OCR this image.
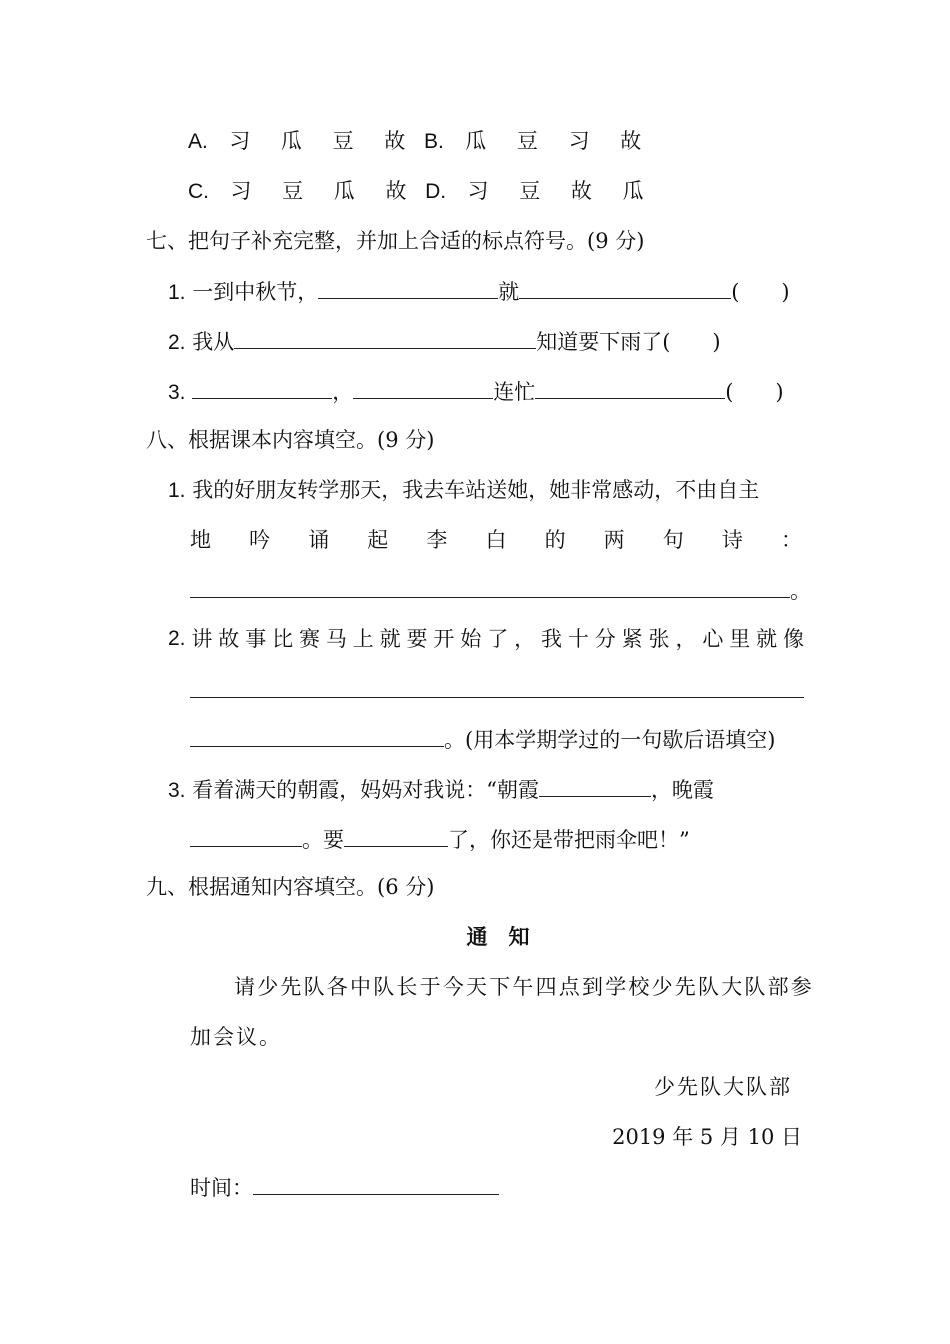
A. 习 瓜 豆 故 B. 瓜 豆 习 故
C. 习 豆 瓜 故 D. 习 豆 故 瓜
七、把句子补充完整，并加上合适的标点符号。(9 分)
1. 一到中秋节，	就	(　　)
2. 我从	知道要下雨了(　　)
3.	，	连忙	(　　)
八、根据课本内容填空。(9 分)
1. 我的好朋友转学那天，我去车站送她，她非常感动，不由自主
地 吟 诵 起 李 白 的 两 句 诗 ：
。
2. 讲 故 事 比 赛 马 上 就 要 开 始 了 ， 我 十 分 紧 张 ， 心 里 就 像
。(用本学期学过的一句歇后语填空)
3. 看着满天的朝霞，妈妈对我说：“朝霞	，晚霞
。要	了，你还是带把雨伞吧！”
九、根据通知内容填空。(6 分)
通　知
请少先队各中队长于今天下午四点到学校少先队大队部参
加会议。
少先队大队部
2019 年 5 月 10 日
时间：
